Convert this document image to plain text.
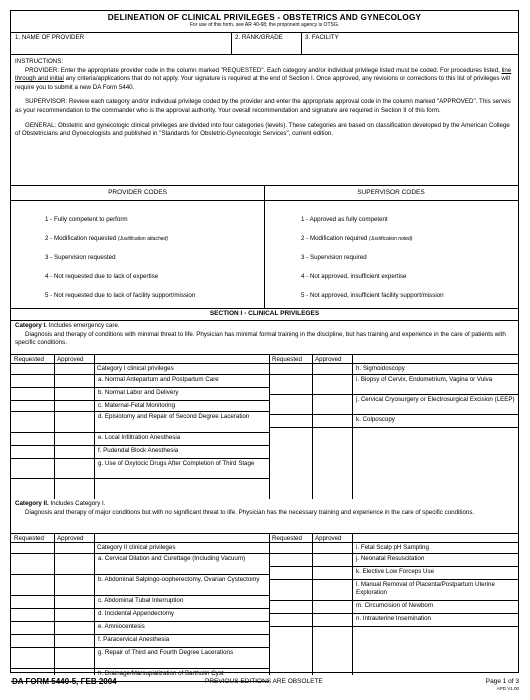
DELINEATION OF CLINICAL PRIVILEGES - OBSTETRICS AND GYNECOLOGY
For use of this form, see AR 40-68; the proponent agency is OTSG.
1. NAME OF PROVIDER	2. RANK/GRADE	3. FACILITY

INSTRUCTIONS:

PROVIDER: Enter the appropriate provider code in the column marked "REQUESTED". Each category and/or individual privilege listed must be coded. For procedures listed, line through and initial any criteria/applications that do not apply. Your signature is required at the end of Section I. Once approved, any revisions or corrections to this list of privileges will require you to submit a new DA Form 5440.

SUPERVISOR: Review each category and/or individual privilege coded by the provider and enter the appropriate approval code in the column marked "APPROVED". This serves as your recommendation to the commander who is the approval authority. Your overall recommendation and signature are required in Section II of this form.

GENERAL: Obstetric and gynecologic clinical privileges are divided into four categories (levels). These categories are based on classification developed by the American College of Obstetricians and Gynecologists and published in "Standards for Obstetric-Gynecologic Services", current edition.

PROVIDER CODES	SUPERVISOR CODES
1 - Fully competent to perform
2 - Modification requested (Justification attached)
3 - Supervision requested
4 - Not requested due to lack of expertise
5 - Not requested due to lack of facility support/mission
1 - Approved as fully competent
2 - Modification required (Justification noted)
3 - Supervision required
4 - Not approved, insufficient expertise
5 - Not approved, insufficient facility support/mission
SECTION I - CLINICAL PRIVILEGES
Category I. Includes emergency care.
Diagnosis and therapy of conditions with minimal threat to life. Physician has minimal formal training in the discipline, but has training and experience in the care of patients with specific conditions.
Requested	Approved	Requested	Approved
Category I clinical privileges
a. Normal Antepartum and Postpartum Care
b. Normal Labor and Delivery
c. Maternal-Fetal Monitoring
d. Episiotomy and Repair of Second Degree Laceration
e. Local Infiltration Anesthesia
f. Pudendal Block Anesthesia
g. Use of Oxytocic Drugs After Completion of Third Stage
h. Sigmoidoscopy
i. Biopsy of Cervix, Endometrium, Vagina or Vulva
j. Cervical Cryosurgery or Electrosurgical Excision (LEEP)
k. Colposcopy
Category II. Includes Category I.
Diagnosis and therapy of major conditions but with no significant threat to life. Physician has the necessary training and experience in the care of specific conditions.
Requested	Approved	Requested	Approved
Category II clinical privileges
a. Cervical Dilation and Curettage (Including Vacuum)
b. Abdominal Salpingo-oopherectomy, Ovarian Cystectomy
c. Abdominal Tubal Interruption
d. Incidental Appendectomy
e. Amniocentesis
f. Paracervical Anesthesia
g. Repair of Third and Fourth Degree Lacerations
h. Drainage/Marsupialization of Bartholin Cyst
i. Fetal Scalp pH Sampling
j. Neonatal Resuscitation
k. Elective Low Forceps Use
l. Manual Removal of Placenta/Postpartum Uterine Exploration
m. Circumcision of Newborn
n. Intrauterine Insemination
DA FORM 5440-5, FEB 2004	PREVIOUS EDITIONS ARE OBSOLETE	Page 1 of 3
APD V1.00
